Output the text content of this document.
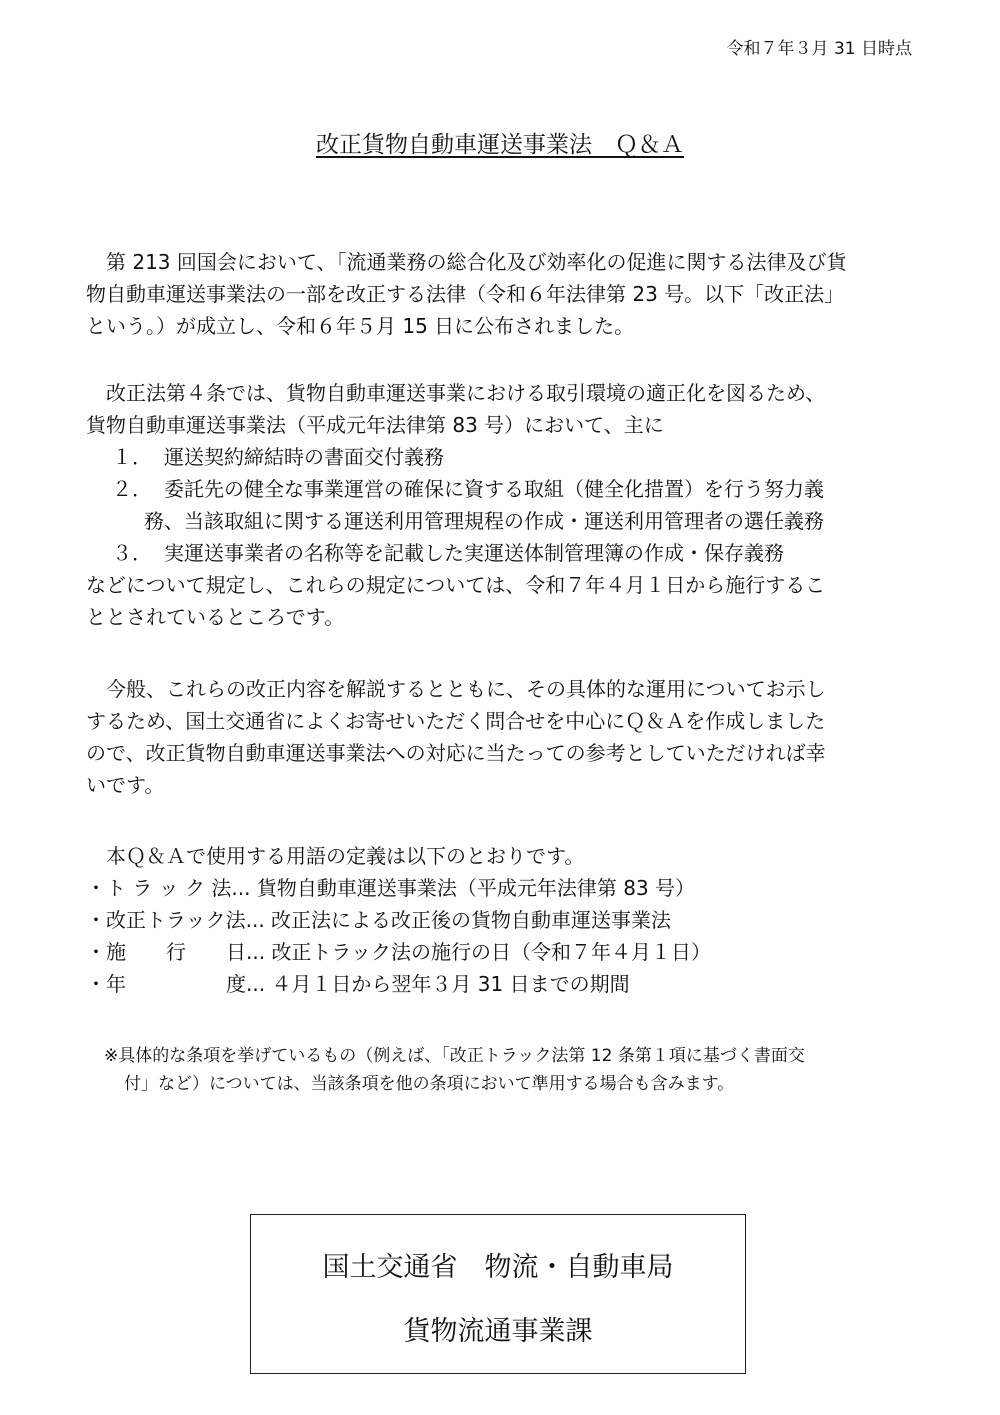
令和７年３月 31 日時点
改正貨物自動車運送事業法　Ｑ＆Ａ
第 213 回国会において、「流通業務の総合化及び効率化の促進に関する法律及び貨
物自動車運送事業法の一部を改正する法律（令和６年法律第 23 号。以下「改正法」
という。）が成立し、令和６年５月 15 日に公布されました。
改正法第４条では、貨物自動車運送事業における取引環境の適正化を図るため、
貨物自動車運送事業法（平成元年法律第 83 号）において、主に
１． 運送契約締結時の書面交付義務
２． 委託先の健全な事業運営の確保に資する取組（健全化措置）を行う努力義
務、当該取組に関する運送利用管理規程の作成・運送利用管理者の選任義務
３． 実運送事業者の名称等を記載した実運送体制管理簿の作成・保存義務
などについて規定し、これらの規定については、令和７年４月１日から施行するこ
ととされているところです。
今般、これらの改正内容を解説するとともに、その具体的な運用についてお示し
するため、国土交通省によくお寄せいただく問合せを中心にＱ＆Ａを作成しました
ので、改正貨物自動車運送事業法への対応に当たっての参考としていただければ幸
いです。
本Ｑ＆Ａで使用する用語の定義は以下のとおりです。
・ト ラ ッ ク 法... 貨物自動車運送事業法（平成元年法律第 83 号）
・改正トラック法... 改正法による改正後の貨物自動車運送事業法
・施　　行　　日... 改正トラック法の施行の日（令和７年４月１日）
・年　　　　　度... ４月１日から翌年３月 31 日までの期間
※具体的な条項を挙げているもの（例えば、「改正トラック法第 12 条第１項に基づく書面交
付」など）については、当該条項を他の条項において準用する場合も含みます。
国土交通省　物流・自動車局
貨物流通事業課
